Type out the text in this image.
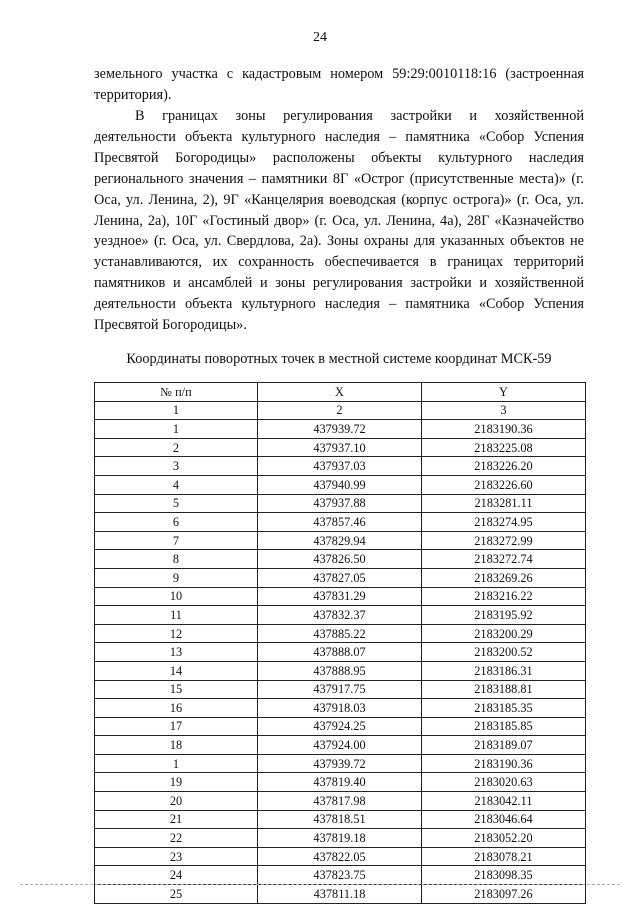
24

земельного участка с кадастровым номером 59:29:0010118:16 (застроенная территория).

В границах зоны регулирования застройки и хозяйственной деятельности объекта культурного наследия – памятника «Собор Успения Пресвятой Богородицы» расположены объекты культурного наследия регионального значения – памятники 8Г «Острог (присутственные места)» (г. Оса, ул. Ленина, 2), 9Г «Канцелярия воеводская (корпус острога)» (г. Оса, ул. Ленина, 2а), 10Г «Гостиный двор» (г. Оса, ул. Ленина, 4а), 28Г «Казначейство уездное» (г. Оса, ул. Свердлова, 2а). Зоны охраны для указанных объектов не устанавливаются, их сохранность обеспечивается в границах территорий памятников и ансамблей и зоны регулирования застройки и хозяйственной деятельности объекта культурного наследия – памятника «Собор Успения Пресвятой Богородицы».

Координаты поворотных точек в местной системе координат МСК-59

№ п/п	X	Y
1	2	3
1	437939.72	2183190.36
2	437937.10	2183225.08
3	437937.03	2183226.20
4	437940.99	2183226.60
5	437937.88	2183281.11
6	437857.46	2183274.95
7	437829.94	2183272.99
8	437826.50	2183272.74
9	437827.05	2183269.26
10	437831.29	2183216.22
11	437832.37	2183195.92
12	437885.22	2183200.29
13	437888.07	2183200.52
14	437888.95	2183186.31
15	437917.75	2183188.81
16	437918.03	2183185.35
17	437924.25	2183185.85
18	437924.00	2183189.07
1	437939.72	2183190.36
19	437819.40	2183020.63
20	437817.98	2183042.11
21	437818.51	2183046.64
22	437819.18	2183052.20
23	437822.05	2183078.21
24	437823.75	2183098.35
25	437811.18	2183097.26
